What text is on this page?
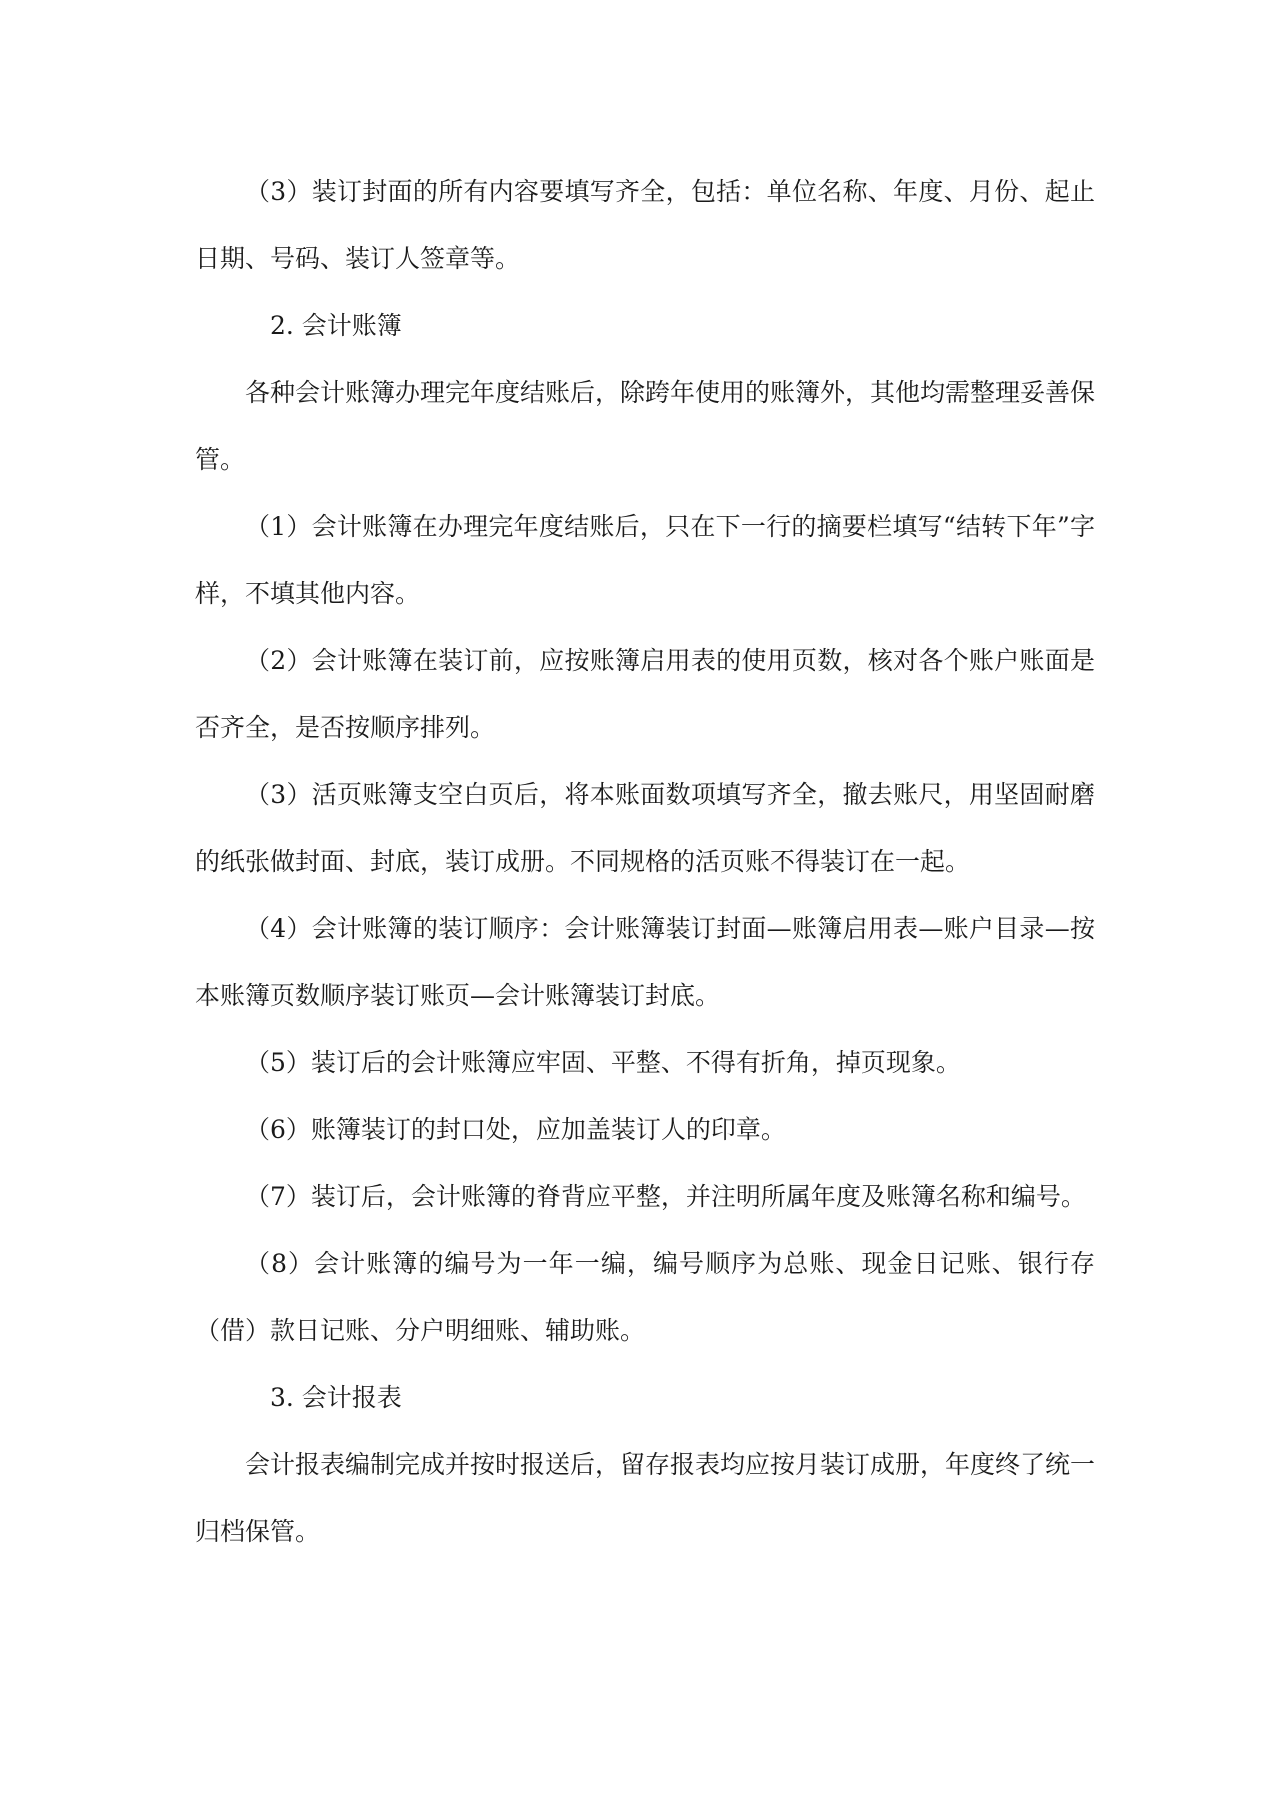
（3）装订封面的所有内容要填写齐全，包括：单位名称、年度、月份、起止日期、号码、装订人签章等。

2. 会计账簿

各种会计账簿办理完年度结账后，除跨年使用的账簿外，其他均需整理妥善保管。

（1）会计账簿在办理完年度结账后，只在下一行的摘要栏填写“结转下年”字样，不填其他内容。

（2）会计账簿在装订前，应按账簿启用表的使用页数，核对各个账户账面是否齐全，是否按顺序排列。

（3）活页账簿支空白页后，将本账面数项填写齐全，撤去账尺，用坚固耐磨的纸张做封面、封底，装订成册。不同规格的活页账不得装订在一起。

（4）会计账簿的装订顺序：会计账簿装订封面—账簿启用表—账户目录—按本账簿页数顺序装订账页—会计账簿装订封底。

（5）装订后的会计账簿应牢固、平整、不得有折角，掉页现象。

（6）账簿装订的封口处，应加盖装订人的印章。

（7）装订后，会计账簿的脊背应平整，并注明所属年度及账簿名称和编号。

（8）会计账簿的编号为一年一编，编号顺序为总账、现金日记账、银行存（借）款日记账、分户明细账、辅助账。

3. 会计报表

会计报表编制完成并按时报送后，留存报表均应按月装订成册，年度终了统一归档保管。
